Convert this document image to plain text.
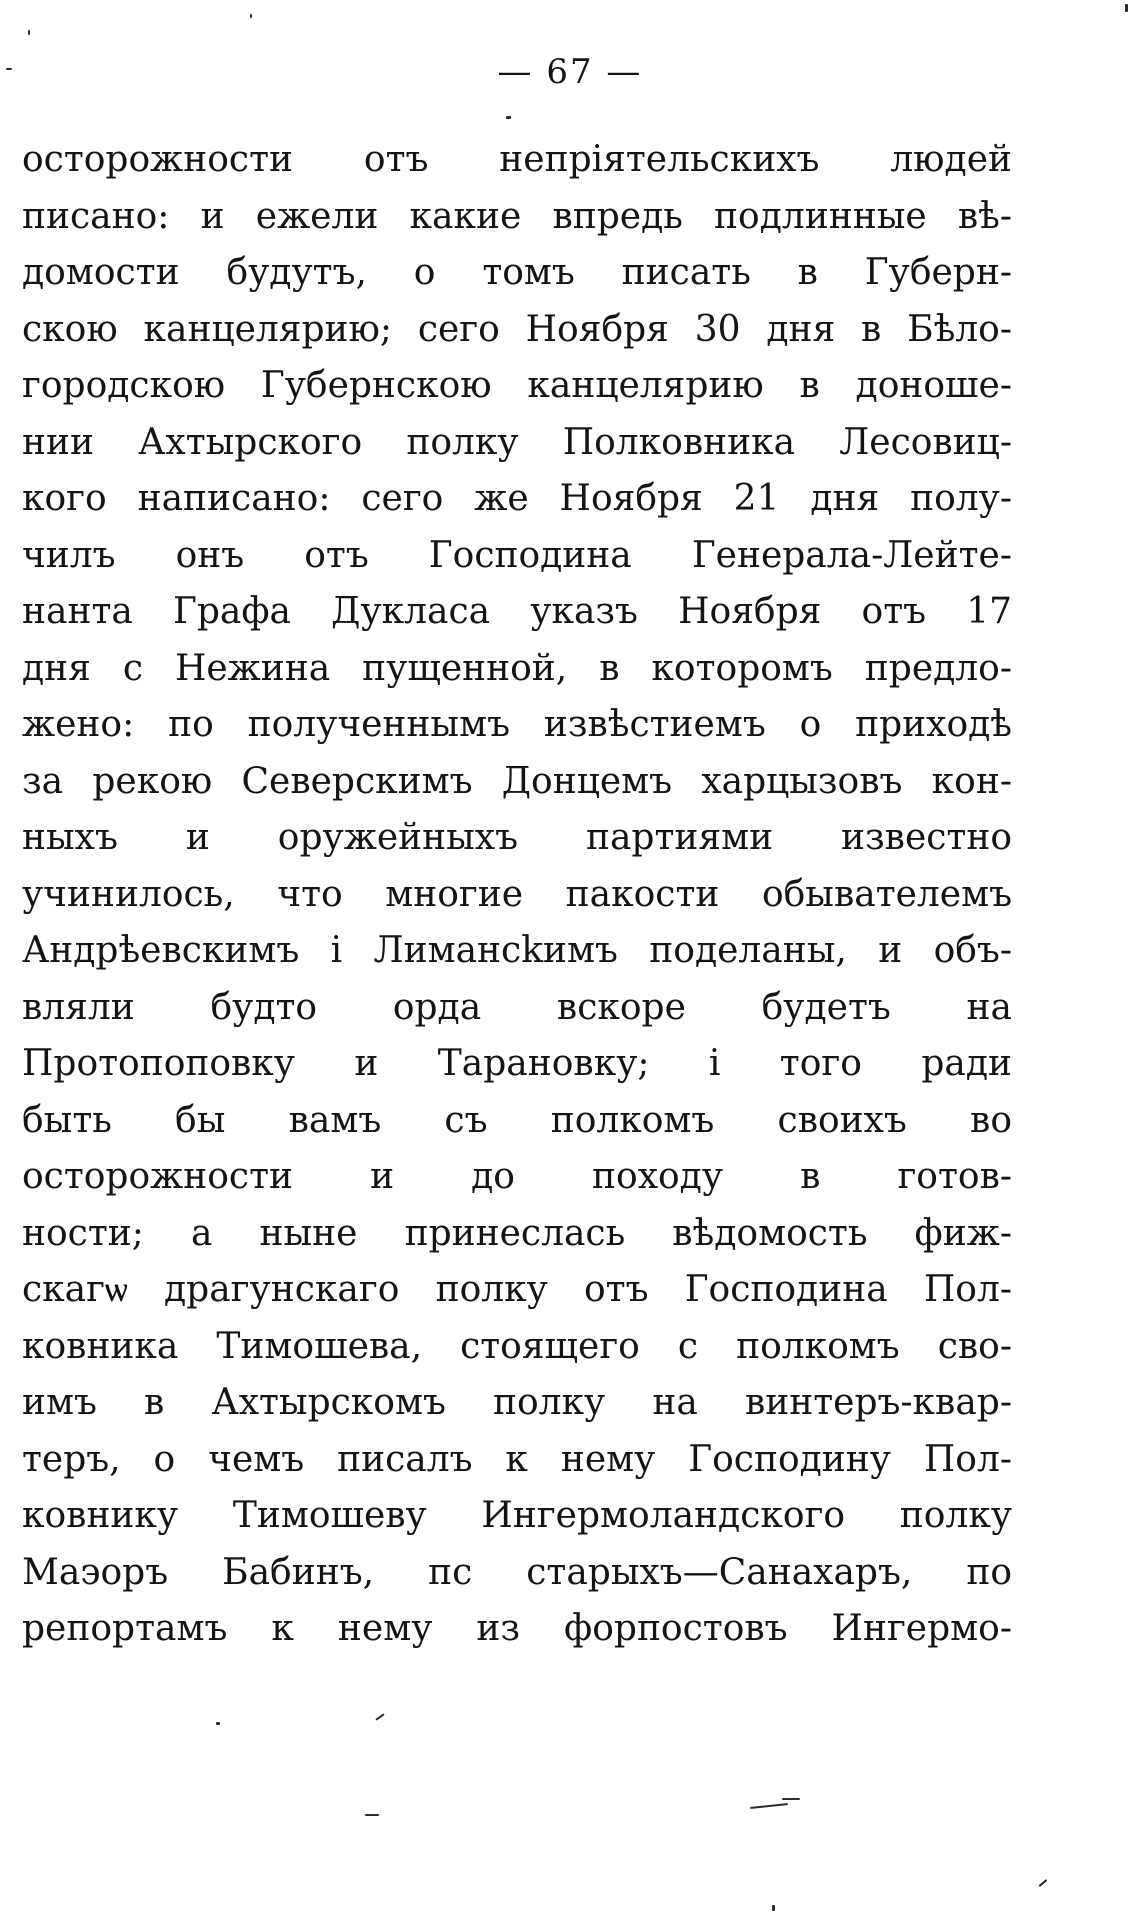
— 67 —
осторожности отъ непріятельскихъ людей
писано: и ежели какие впредь подлинные вѣ-
домости будутъ, о томъ писать в Губерн-
скою канцелярию; сего Ноября 30 дня в Бѣло-
городскою Губернскою канцелярию в доноше-
нии Ахтырского полку Полковника Лесовиц-
кого написано: сего же Ноября 21 дня полу-
чилъ онъ отъ Господина Генерала-Лейте-
нанта Графа Дукласа указъ Ноября отъ 17
дня с Нежина пущенной, в которомъ предло-
жено: по полученнымъ извѣстиемъ о приходѣ
за рекою Северскимъ Донцемъ харцызовъ кон-
ныхъ и оружейныхъ партиями известно
учинилось, что многие пакости обывателемъ
Андрѣевскимъ і Лимансkимъ поделаны, и объ-
вляли будто орда вскоре будетъ на
Протопоповку и Тарановку; і того ради
быть бы вамъ съ полкомъ своихъ во
осторожности и до походу в готов-
ности; а ныне принеслась вѣдомость фиж-
скагѡ драгунскаго полку отъ Господина Пол-
ковника Тимошева, стоящего с полкомъ сво-
имъ в Ахтырскомъ полку на винтеръ-квар-
теръ, о чемъ писалъ к нему Господину Пол-
ковнику Тимошеву Ингермоландского полку
Маэоръ Бабинъ, пс старыхъ—Санахаръ, по
репортамъ к нему из форпостовъ Ингермо-
